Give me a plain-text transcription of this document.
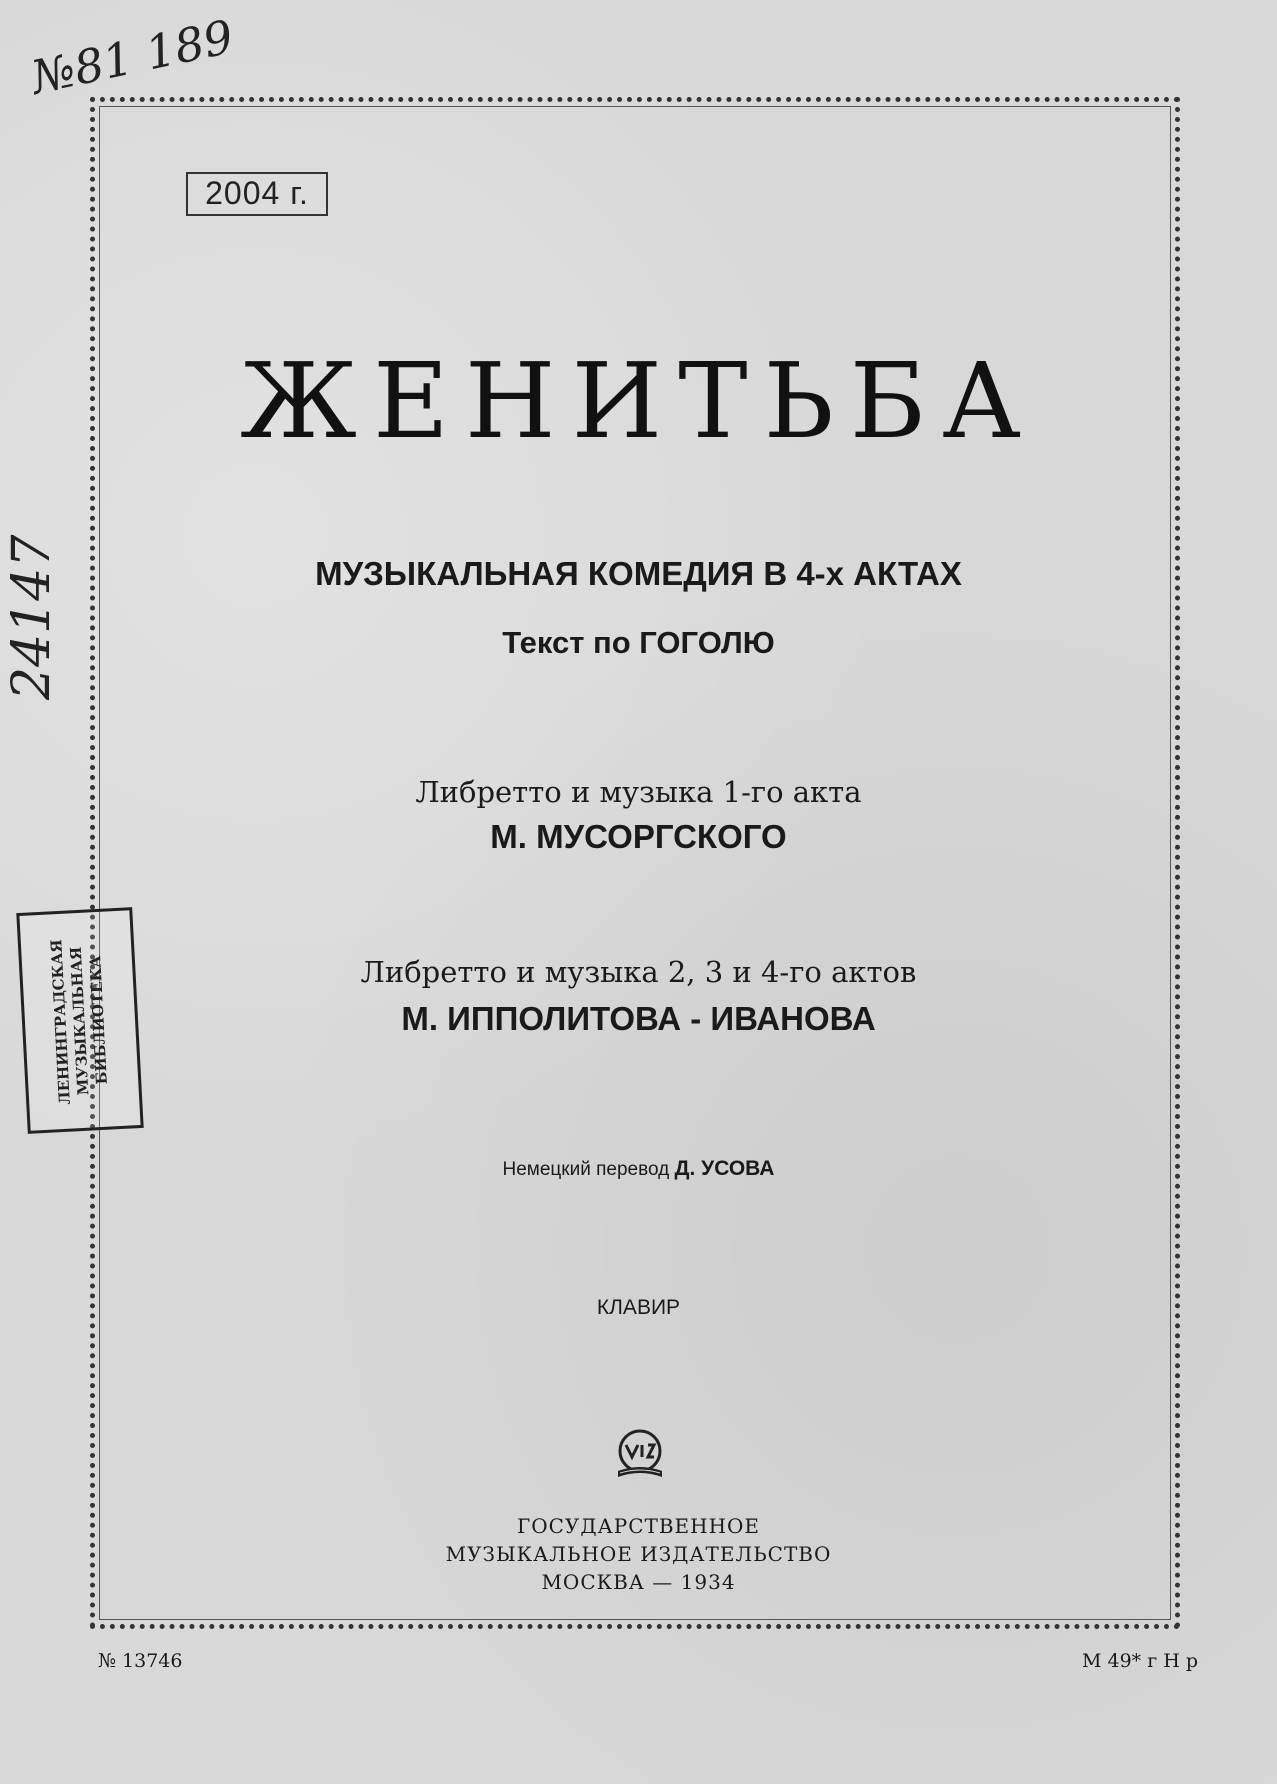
№81 189
2004 г.
24147
ЛЕНИНГРАДСКАЯ
МУЗЫКАЛЬНАЯ
БИБЛИОТЕКА
ЖЕНИТЬБА
МУЗЫКАЛЬНАЯ КОМЕДИЯ В 4-х АКТАХ
Текст по ГОГОЛЮ
Либретто и музыка 1-го акта
М. МУСОРГСКОГО
Либретто и музыка 2, 3 и 4-го актов
М. ИППОЛИТОВА - ИВАНОВА
Немецкий перевод Д. УСОВА
КЛАВИР
ГОСУДАРСТВЕННОЕ
МУЗЫКАЛЬНОЕ ИЗДАТЕЛЬСТВО
МОСКВА — 1934
№ 13746	М 49* г Н р
